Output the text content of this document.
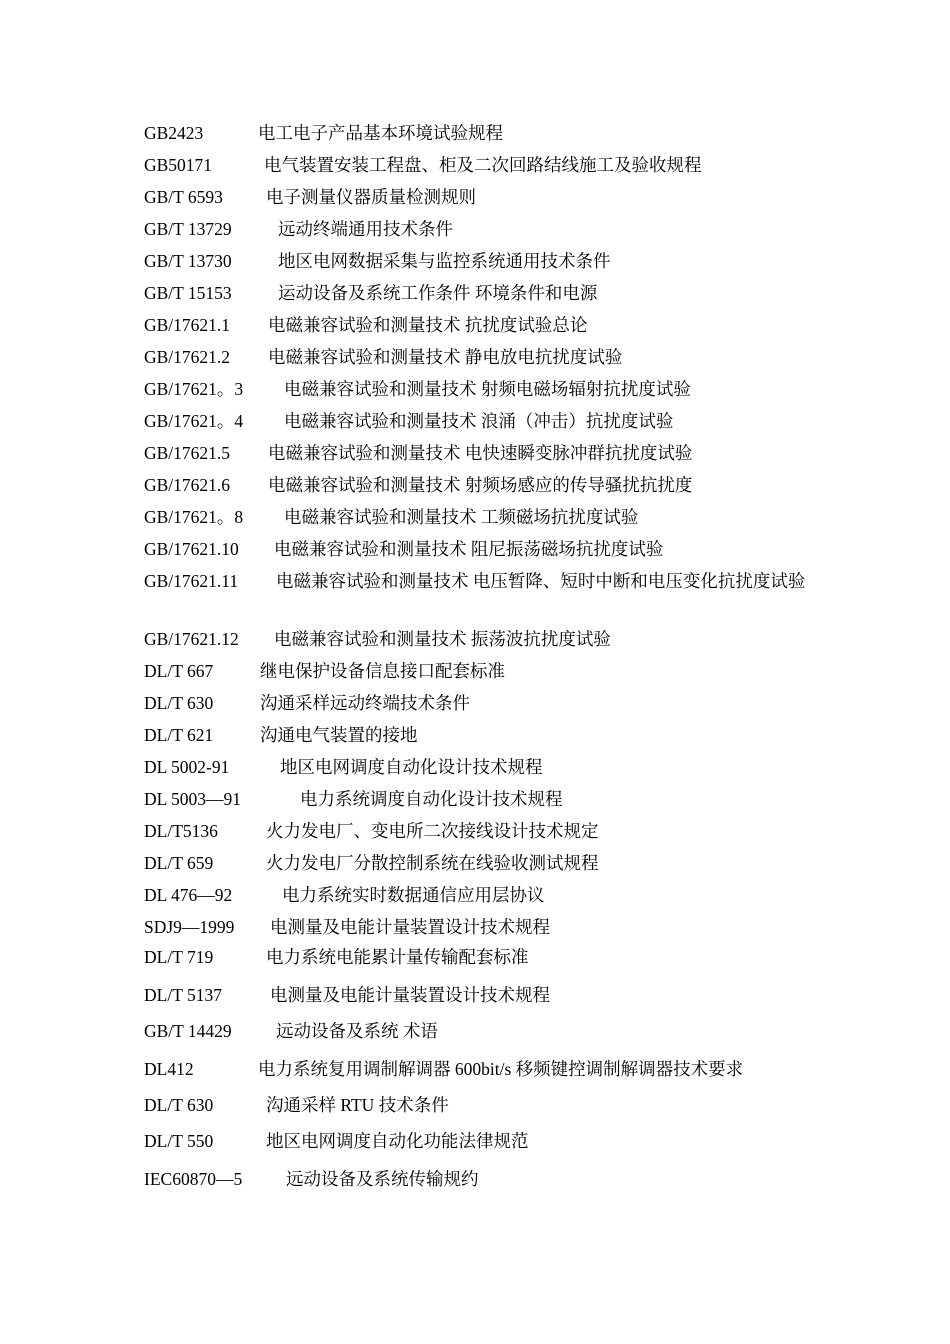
GB2423	电工电子产品基本环境试验规程
GB50171	电气装置安装工程盘、柜及二次回路结线施工及验收规程
GB/T 6593 电子测量仪器质量检测规则
GB/T 13729	远动终端通用技术条件
GB/T 13730	地区电网数据采集与监控系统通用技术条件
GB/T 15153	运动设备及系统工作条件 环境条件和电源
GB/17621.1 电磁兼容试验和测量技术 抗扰度试验总论
GB/17621.2 电磁兼容试验和测量技术 静电放电抗扰度试验
GB/17621。3 电磁兼容试验和测量技术 射频电磁场辐射抗扰度试验
GB/17621。4 电磁兼容试验和测量技术 浪涌（冲击）抗扰度试验
GB/17621.5 电磁兼容试验和测量技术 电快速瞬变脉冲群抗扰度试验
GB/17621.6 电磁兼容试验和测量技术 射频场感应的传导骚扰抗扰度
GB/17621。8 电磁兼容试验和测量技术 工频磁场抗扰度试验
GB/17621.10 电磁兼容试验和测量技术 阻尼振荡磁场抗扰度试验
GB/17621.11 电磁兼容试验和测量技术 电压暂降、短时中断和电压变化抗扰度试验
GB/17621.12 电磁兼容试验和测量技术 振荡波抗扰度试验
DL/T 667	继电保护设备信息接口配套标准
DL/T 630	沟通采样远动终端技术条件
DL/T 621	沟通电气装置的接地
DL 5002-91	地区电网调度自动化设计技术规程
DL 5003—91	电力系统调度自动化设计技术规程
DL/T5136	火力发电厂、变电所二次接线设计技术规定
DL/T 659	火力发电厂分散控制系统在线验收测试规程
DL 476—92	电力系统实时数据通信应用层协议
SDJ9—1999 电测量及电能计量装置设计技术规程
DL/T 719	电力系统电能累计量传输配套标准
DL/T 5137	电测量及电能计量装置设计技术规程
GB/T 14429	远动设备及系统 术语
DL412	电力系统复用调制解调器 600bit/s 移频键控调制解调器技术要求
DL/T 630	沟通采样 RTU 技术条件
DL/T 550	地区电网调度自动化功能法律规范
IEC60870—5	远动设备及系统传输规约
